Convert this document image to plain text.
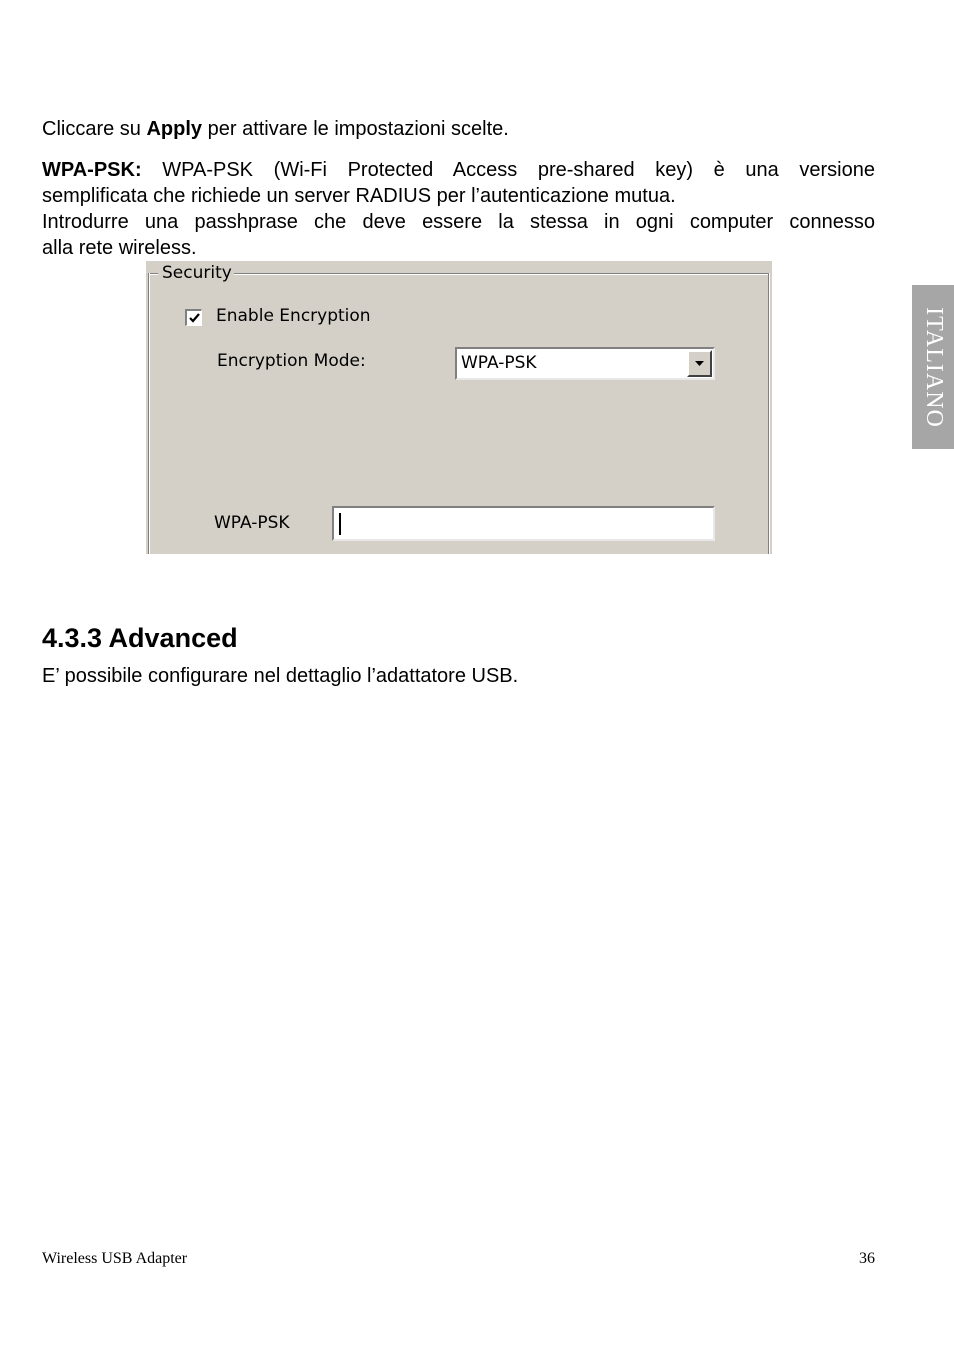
Cliccare su Apply per attivare le impostazioni scelte.

WPA-PSK: WPA-PSK (Wi-Fi Protected Access pre-shared key) è una versione

semplificata che richiede un server RADIUS per l’autenticazione mutua.

Introdurre una passhprase che deve essere la stessa in ogni computer connesso

alla rete wireless.

ITALIANO
Security
Enable Encryption
Encryption Mode:	WPA-PSK
WPA-PSK
4.3.3 Advanced

E’ possibile configurare nel dettaglio l’adattatore USB.

Wireless USB Adapter	36
